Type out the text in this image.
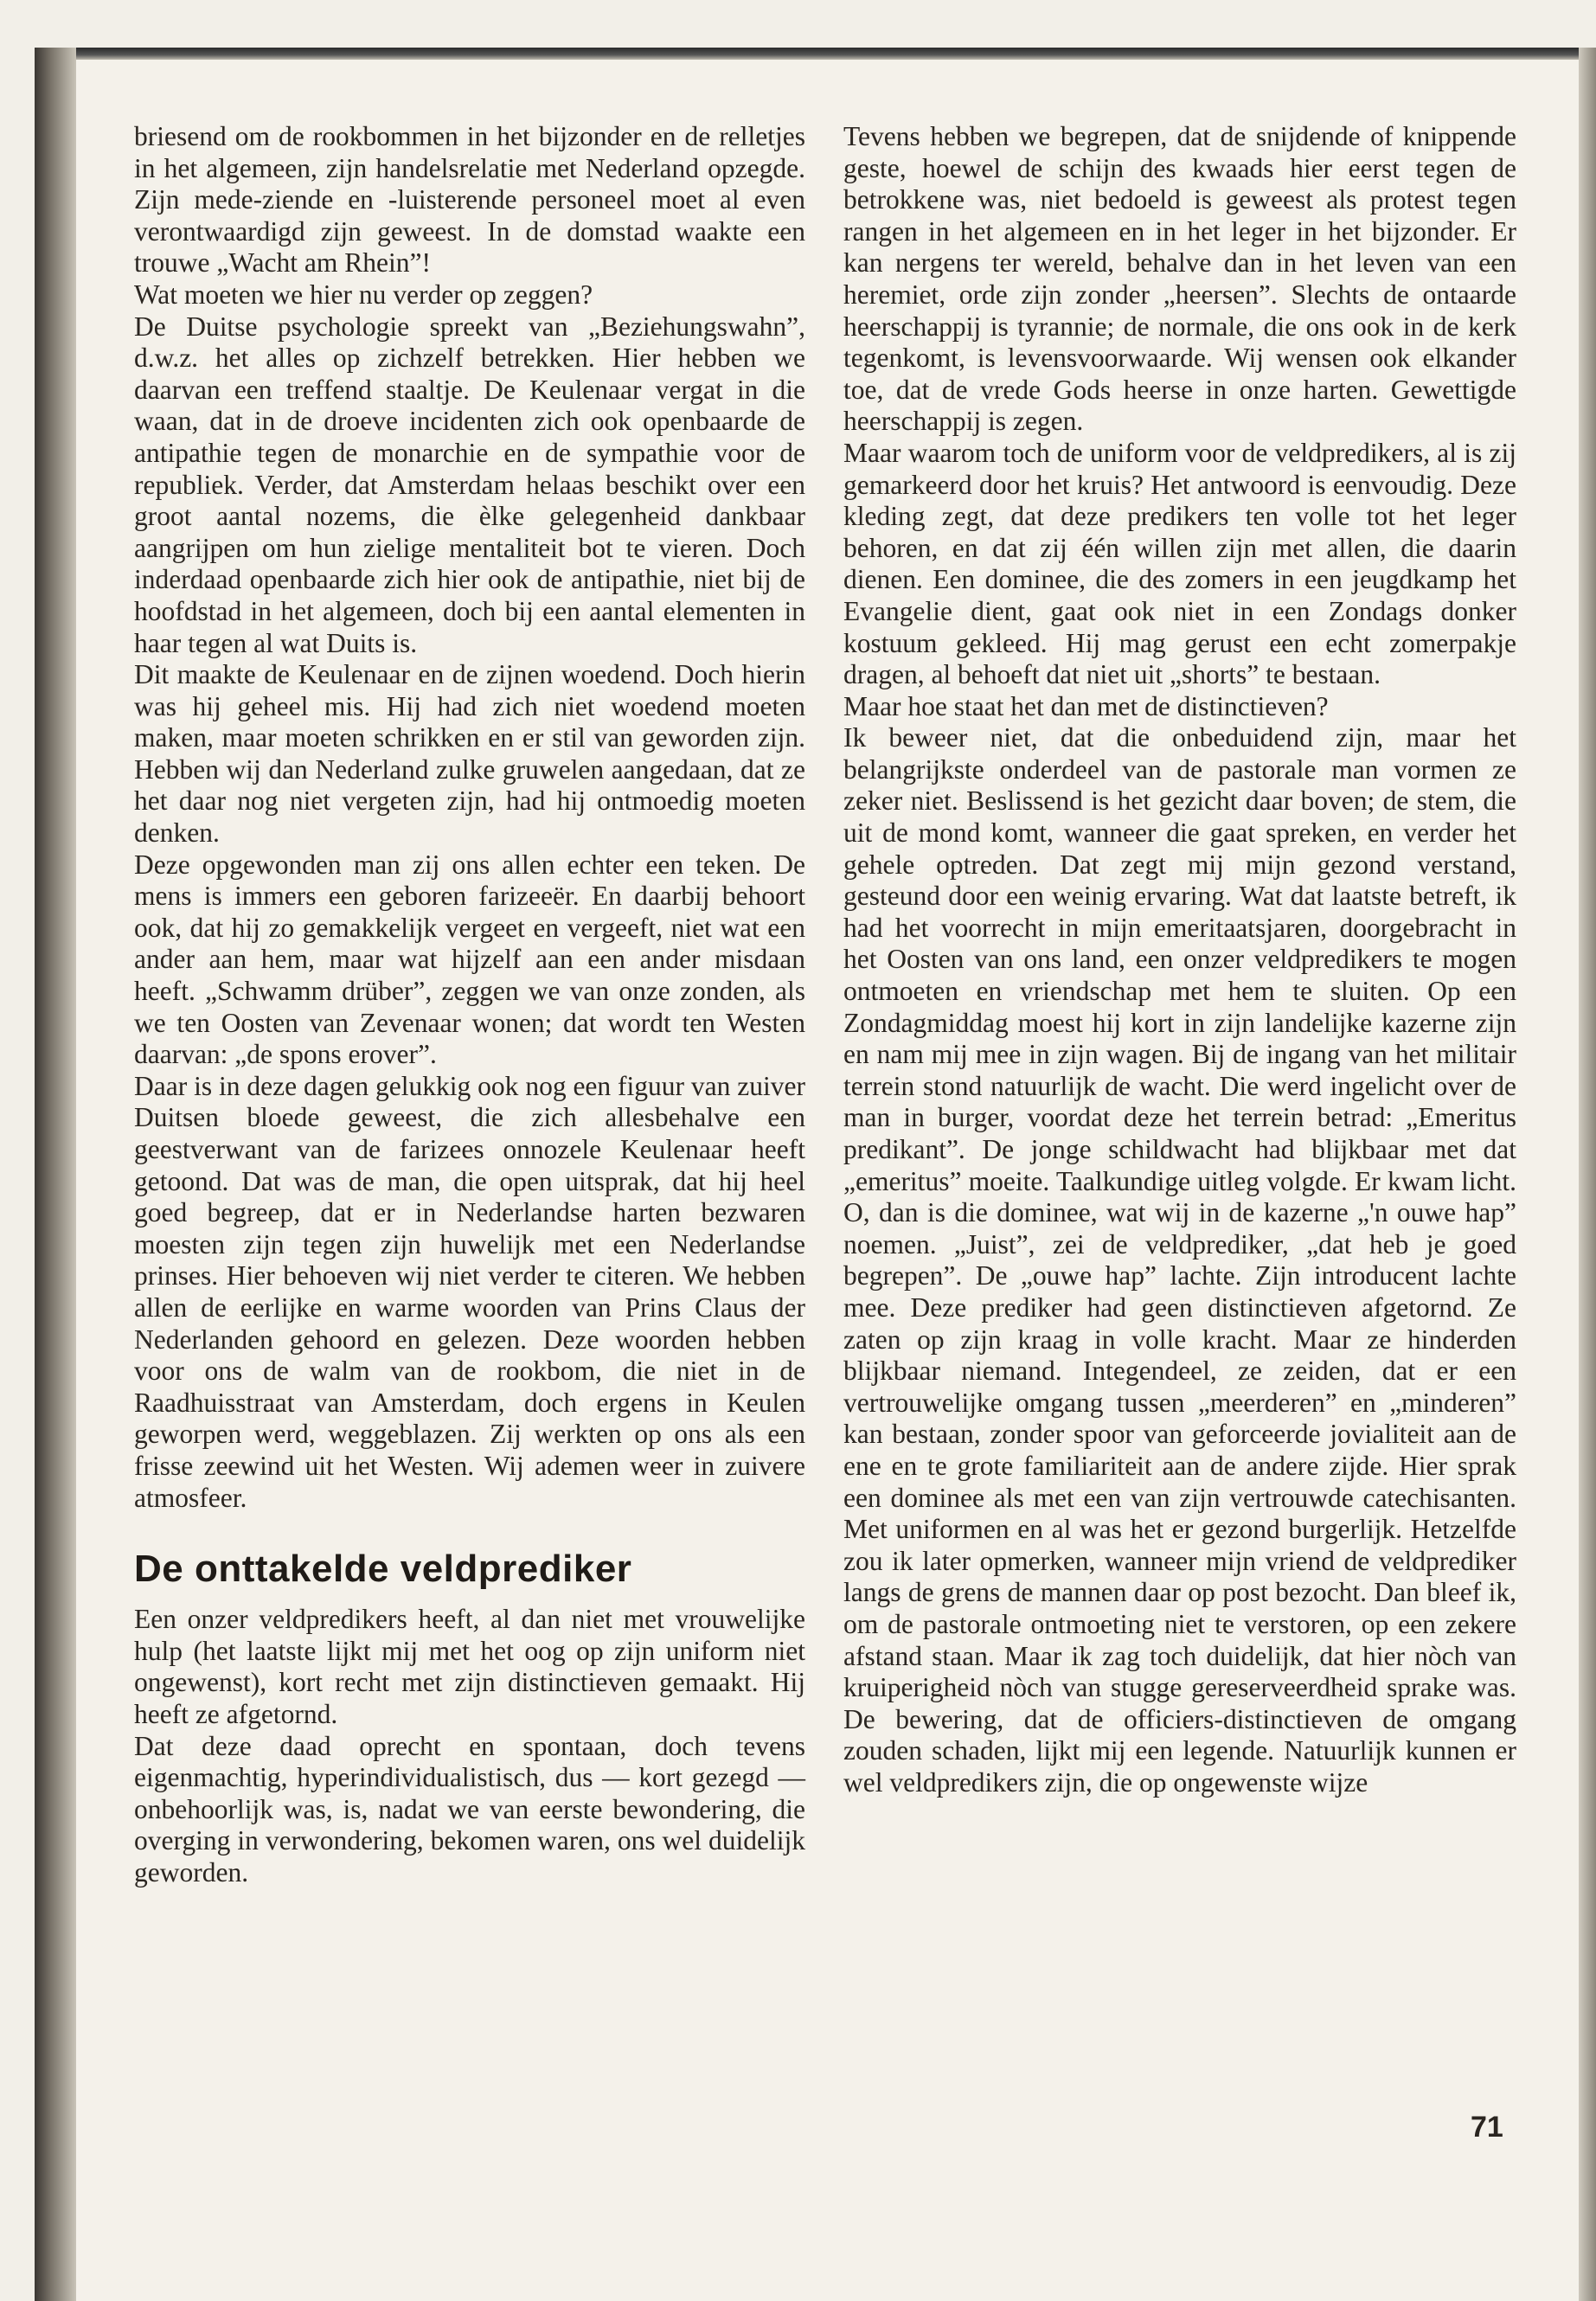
briesend om de rookbommen in het bijzonder en de relletjes in het algemeen, zijn handelsrelatie met Nederland opzegde. Zijn mede-ziende en -luisterende personeel moet al even verontwaardigd zijn geweest. In de domstad waakte een trouwe „Wacht am Rhein”!

Wat moeten we hier nu verder op zeggen?

De Duitse psychologie spreekt van „Beziehungswahn”, d.w.z. het alles op zichzelf betrekken. Hier hebben we daarvan een treffend staaltje. De Keulenaar vergat in die waan, dat in de droeve incidenten zich ook openbaarde de antipathie tegen de monarchie en de sympathie voor de republiek. Verder, dat Amsterdam helaas beschikt over een groot aantal nozems, die èlke gelegenheid dankbaar aangrijpen om hun zielige mentaliteit bot te vieren. Doch inderdaad openbaarde zich hier ook de antipathie, niet bij de hoofdstad in het algemeen, doch bij een aantal elementen in haar tegen al wat Duits is.

Dit maakte de Keulenaar en de zijnen woedend. Doch hierin was hij geheel mis. Hij had zich niet woedend moeten maken, maar moeten schrikken en er stil van geworden zijn. Hebben wij dan Nederland zulke gruwelen aangedaan, dat ze het daar nog niet vergeten zijn, had hij ontmoedig moeten denken.

Deze opgewonden man zij ons allen echter een teken. De mens is immers een geboren farizeeër. En daarbij behoort ook, dat hij zo gemakkelijk vergeet en vergeeft, niet wat een ander aan hem, maar wat hijzelf aan een ander misdaan heeft. „Schwamm drüber”, zeggen we van onze zonden, als we ten Oosten van Zevenaar wonen; dat wordt ten Westen daarvan: „de spons erover”.

Daar is in deze dagen gelukkig ook nog een figuur van zuiver Duitsen bloede geweest, die zich allesbehalve een geestverwant van de farizees onnozele Keulenaar heeft getoond. Dat was de man, die open uitsprak, dat hij heel goed begreep, dat er in Nederlandse harten bezwaren moesten zijn tegen zijn huwelijk met een Nederlandse prinses. Hier behoeven wij niet verder te citeren. We hebben allen de eerlijke en warme woorden van Prins Claus der Nederlanden gehoord en gelezen. Deze woorden hebben voor ons de walm van de rookbom, die niet in de Raadhuisstraat van Amsterdam, doch ergens in Keulen geworpen werd, weggeblazen. Zij werkten op ons als een frisse zeewind uit het Westen. Wij ademen weer in zuivere atmosfeer.

De onttakelde veldprediker

Een onzer veldpredikers heeft, al dan niet met vrouwelijke hulp (het laatste lijkt mij met het oog op zijn uniform niet ongewenst), kort recht met zijn distinctieven gemaakt. Hij heeft ze afgetornd.

Dat deze daad oprecht en spontaan, doch tevens eigenmachtig, hyperindividualistisch, dus — kort gezegd — onbehoorlijk was, is, nadat we van eerste bewondering, die overging in verwondering, bekomen waren, ons wel duidelijk geworden.

Tevens hebben we begrepen, dat de snijdende of knippende geste, hoewel de schijn des kwaads hier eerst tegen de betrokkene was, niet bedoeld is geweest als protest tegen rangen in het algemeen en in het leger in het bijzonder. Er kan nergens ter wereld, behalve dan in het leven van een heremiet, orde zijn zonder „heersen”. Slechts de ontaarde heerschappij is tyrannie; de normale, die ons ook in de kerk tegenkomt, is levensvoorwaarde. Wij wensen ook elkander toe, dat de vrede Gods heerse in onze harten. Gewettigde heerschappij is zegen.

Maar waarom toch de uniform voor de veldpredikers, al is zij gemarkeerd door het kruis? Het antwoord is eenvoudig. Deze kleding zegt, dat deze predikers ten volle tot het leger behoren, en dat zij één willen zijn met allen, die daarin dienen. Een dominee, die des zomers in een jeugdkamp het Evangelie dient, gaat ook niet in een Zondags donker kostuum gekleed. Hij mag gerust een echt zomerpakje dragen, al behoeft dat niet uit „shorts” te bestaan.

Maar hoe staat het dan met de distinctieven?

Ik beweer niet, dat die onbeduidend zijn, maar het belangrijkste onderdeel van de pastorale man vormen ze zeker niet. Beslissend is het gezicht daar boven; de stem, die uit de mond komt, wanneer die gaat spreken, en verder het gehele optreden. Dat zegt mij mijn gezond verstand, gesteund door een weinig ervaring. Wat dat laatste betreft, ik had het voorrecht in mijn emeritaatsjaren, doorgebracht in het Oosten van ons land, een onzer veldpredikers te mogen ontmoeten en vriendschap met hem te sluiten. Op een Zondagmiddag moest hij kort in zijn landelijke kazerne zijn en nam mij mee in zijn wagen. Bij de ingang van het militair terrein stond natuurlijk de wacht. Die werd ingelicht over de man in burger, voordat deze het terrein betrad: „Emeritus predikant”. De jonge schildwacht had blijkbaar met dat „emeritus” moeite. Taalkundige uitleg volgde. Er kwam licht. O, dan is die dominee, wat wij in de kazerne „'n ouwe hap” noemen. „Juist”, zei de veldprediker, „dat heb je goed begrepen”. De „ouwe hap” lachte. Zijn introducent lachte mee. Deze prediker had geen distinctieven afgetornd. Ze zaten op zijn kraag in volle kracht. Maar ze hinderden blijkbaar niemand. Integendeel, ze zeiden, dat er een vertrouwelijke omgang tussen „meerderen” en „minderen” kan bestaan, zonder spoor van geforceerde jovialiteit aan de ene en te grote familiariteit aan de andere zijde. Hier sprak een dominee als met een van zijn vertrouwde catechisanten. Met uniformen en al was het er gezond burgerlijk. Hetzelfde zou ik later opmerken, wanneer mijn vriend de veldprediker langs de grens de mannen daar op post bezocht. Dan bleef ik, om de pastorale ontmoeting niet te verstoren, op een zekere afstand staan. Maar ik zag toch duidelijk, dat hier nòch van kruiperigheid nòch van stugge gereserveerdheid sprake was. De bewering, dat de officiers-distinctieven de omgang zouden schaden, lijkt mij een legende. Natuurlijk kunnen er wel veldpredikers zijn, die op ongewenste wijze

71
